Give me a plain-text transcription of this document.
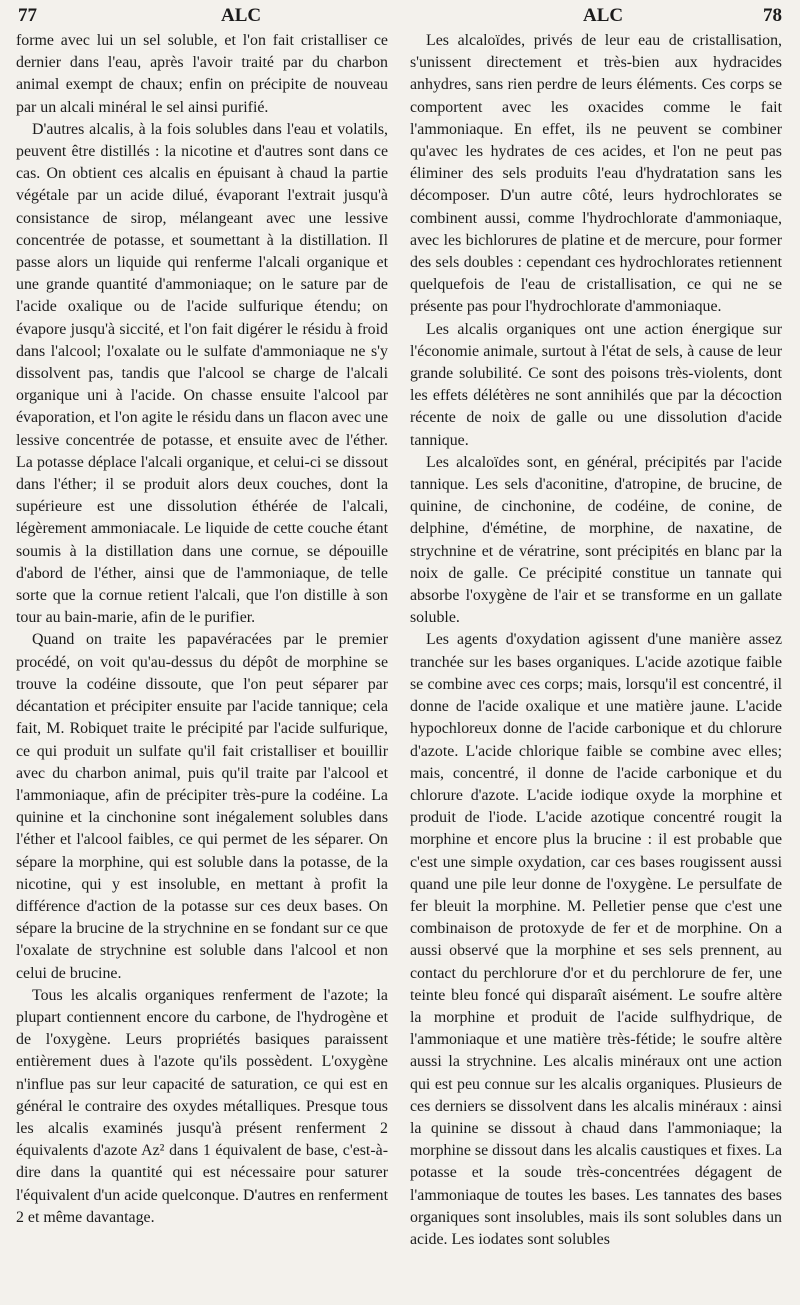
77	ALC	ALC	78

forme avec lui un sel soluble, et l'on fait cristalliser ce dernier dans l'eau, après l'avoir traité par du charbon animal exempt de chaux; enfin on précipite de nouveau par un alcali minéral le sel ainsi purifié.

D'autres alcalis, à la fois solubles dans l'eau et volatils, peuvent être distillés : la nicotine et d'autres sont dans ce cas. On obtient ces alcalis en épuisant à chaud la partie végétale par un acide dilué, évaporant l'extrait jusqu'à consistance de sirop, mélangeant avec une lessive concentrée de potasse, et soumettant à la distillation. Il passe alors un liquide qui renferme l'alcali organique et une grande quantité d'ammoniaque; on le sature par de l'acide oxalique ou de l'acide sulfurique étendu; on évapore jusqu'à siccité, et l'on fait digérer le résidu à froid dans l'alcool; l'oxalate ou le sulfate d'ammoniaque ne s'y dissolvent pas, tandis que l'alcool se charge de l'alcali organique uni à l'acide. On chasse ensuite l'alcool par évaporation, et l'on agite le résidu dans un flacon avec une lessive concentrée de potasse, et ensuite avec de l'éther. La potasse déplace l'alcali organique, et celui-ci se dissout dans l'éther; il se produit alors deux couches, dont la supérieure est une dissolution éthérée de l'alcali, légèrement ammoniacale. Le liquide de cette couche étant soumis à la distillation dans une cornue, se dépouille d'abord de l'éther, ainsi que de l'ammoniaque, de telle sorte que la cornue retient l'alcali, que l'on distille à son tour au bain-marie, afin de le purifier.

Quand on traite les papavéracées par le premier procédé, on voit qu'au-dessus du dépôt de morphine se trouve la codéine dissoute, que l'on peut séparer par décantation et précipiter ensuite par l'acide tannique; cela fait, M. Robiquet traite le précipité par l'acide sulfurique, ce qui produit un sulfate qu'il fait cristalliser et bouillir avec du charbon animal, puis qu'il traite par l'alcool et l'ammoniaque, afin de précipiter très-pure la codéine. La quinine et la cinchonine sont inégalement solubles dans l'éther et l'alcool faibles, ce qui permet de les séparer. On sépare la morphine, qui est soluble dans la potasse, de la nicotine, qui y est insoluble, en mettant à profit la différence d'action de la potasse sur ces deux bases. On sépare la brucine de la strychnine en se fondant sur ce que l'oxalate de strychnine est soluble dans l'alcool et non celui de brucine.

Tous les alcalis organiques renferment de l'azote; la plupart contiennent encore du carbone, de l'hydrogène et de l'oxygène. Leurs propriétés basiques paraissent entièrement dues à l'azote qu'ils possèdent. L'oxygène n'influe pas sur leur capacité de saturation, ce qui est en général le contraire des oxydes métalliques. Presque tous les alcalis examinés jusqu'à présent renferment 2 équivalents d'azote Az² dans 1 équivalent de base, c'est-à-dire dans la quantité qui est nécessaire pour saturer l'équivalent d'un acide quelconque. D'autres en renferment 2 et même davantage.

Les alcaloïdes, privés de leur eau de cristallisation, s'unissent directement et très-bien aux hydracides anhydres, sans rien perdre de leurs éléments. Ces corps se comportent avec les oxacides comme le fait l'ammoniaque. En effet, ils ne peuvent se combiner qu'avec les hydrates de ces acides, et l'on ne peut pas éliminer des sels produits l'eau d'hydratation sans les décomposer. D'un autre côté, leurs hydrochlorates se combinent aussi, comme l'hydrochlorate d'ammoniaque, avec les bichlorures de platine et de mercure, pour former des sels doubles : cependant ces hydrochlorates retiennent quelquefois de l'eau de cristallisation, ce qui ne se présente pas pour l'hydrochlorate d'ammoniaque.

Les alcalis organiques ont une action énergique sur l'économie animale, surtout à l'état de sels, à cause de leur grande solubilité. Ce sont des poisons très-violents, dont les effets délétères ne sont annihilés que par la décoction récente de noix de galle ou une dissolution d'acide tannique.

Les alcaloïdes sont, en général, précipités par l'acide tannique. Les sels d'aconitine, d'atropine, de brucine, de quinine, de cinchonine, de codéine, de conine, de delphine, d'émétine, de morphine, de naxatine, de strychnine et de vératrine, sont précipités en blanc par la noix de galle. Ce précipité constitue un tannate qui absorbe l'oxygène de l'air et se transforme en un gallate soluble.

Les agents d'oxydation agissent d'une manière assez tranchée sur les bases organiques. L'acide azotique faible se combine avec ces corps; mais, lorsqu'il est concentré, il donne de l'acide oxalique et une matière jaune. L'acide hypochloreux donne de l'acide carbonique et du chlorure d'azote. L'acide chlorique faible se combine avec elles; mais, concentré, il donne de l'acide carbonique et du chlorure d'azote. L'acide iodique oxyde la morphine et produit de l'iode. L'acide azotique concentré rougit la morphine et encore plus la brucine : il est probable que c'est une simple oxydation, car ces bases rougissent aussi quand une pile leur donne de l'oxygène. Le persulfate de fer bleuit la morphine. M. Pelletier pense que c'est une combinaison de protoxyde de fer et de morphine. On a aussi observé que la morphine et ses sels prennent, au contact du perchlorure d'or et du perchlorure de fer, une teinte bleu foncé qui disparaît aisément. Le soufre altère la morphine et produit de l'acide sulfhydrique, de l'ammoniaque et une matière très-fétide; le soufre altère aussi la strychnine. Les alcalis minéraux ont une action qui est peu connue sur les alcalis organiques. Plusieurs de ces derniers se dissolvent dans les alcalis minéraux : ainsi la quinine se dissout à chaud dans l'ammoniaque; la morphine se dissout dans les alcalis caustiques et fixes. La potasse et la soude très-concentrées dégagent de l'ammoniaque de toutes les bases. Les tannates des bases organiques sont insolubles, mais ils sont solubles dans un acide. Les iodates sont solubles
